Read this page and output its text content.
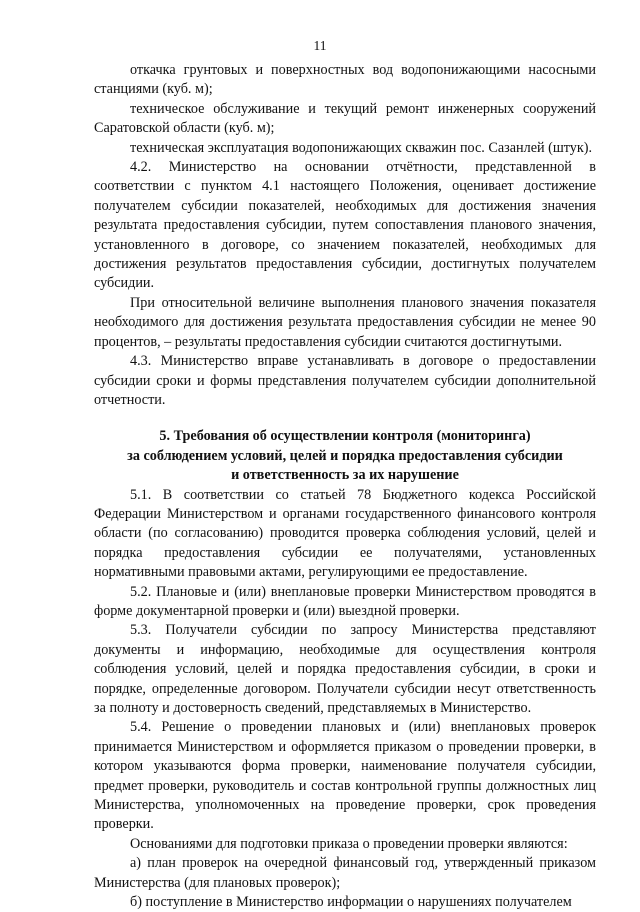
11

откачка грунтовых и поверхностных вод водопонижающими насосными станциями (куб. м);

техническое обслуживание и текущий ремонт инженерных сооружений Саратовской области (куб. м);

техническая эксплуатация водопонижающих скважин пос. Сазанлей (штук).

4.2. Министерство на основании отчётности, представленной в соответствии с пунктом 4.1 настоящего Положения, оценивает достижение получателем субсидии показателей, необходимых для достижения значения результата предоставления субсидии, путем сопоставления планового значения, установленного в договоре, со значением показателей, необходимых для достижения результатов предоставления субсидии, достигнутых получателем субсидии.

При относительной величине выполнения планового значения показателя необходимого для достижения результата предоставления субсидии не менее 90 процентов, – результаты предоставления субсидии считаются достигнутыми.

4.3. Министерство вправе устанавливать в договоре о предоставлении субсидии сроки и формы представления получателем субсидии дополнительной отчетности.

5. Требования об осуществлении контроля (мониторинга)
за соблюдением условий, целей и порядка предоставления субсидии
и ответственность за их нарушение

5.1. В соответствии со статьей 78 Бюджетного кодекса Российской Федерации Министерством и органами государственного финансового контроля области (по согласованию) проводится проверка соблюдения условий, целей и порядка предоставления субсидии ее получателями, установленных нормативными правовыми актами, регулирующими ее предоставление.

5.2. Плановые и (или) внеплановые проверки Министерством проводятся в форме документарной проверки и (или) выездной проверки.

5.3. Получатели субсидии по запросу Министерства представляют документы и информацию, необходимые для осуществления контроля соблюдения условий, целей и порядка предоставления субсидии, в сроки и порядке, определенные договором. Получатели субсидии несут ответственность за полноту и достоверность сведений, представляемых в Министерство.

5.4. Решение о проведении плановых и (или) внеплановых проверок принимается Министерством и оформляется приказом о проведении проверки, в котором указываются форма проверки, наименование получателя субсидии, предмет проверки, руководитель и состав контрольной группы должностных лиц Министерства, уполномоченных на проведение проверки, срок проведения проверки.

Основаниями для подготовки приказа о проведении проверки являются:

а) план проверок на очередной финансовый год, утвержденный приказом Министерства (для плановых проверок);

б) поступление в Министерство информации о нарушениях получателем
